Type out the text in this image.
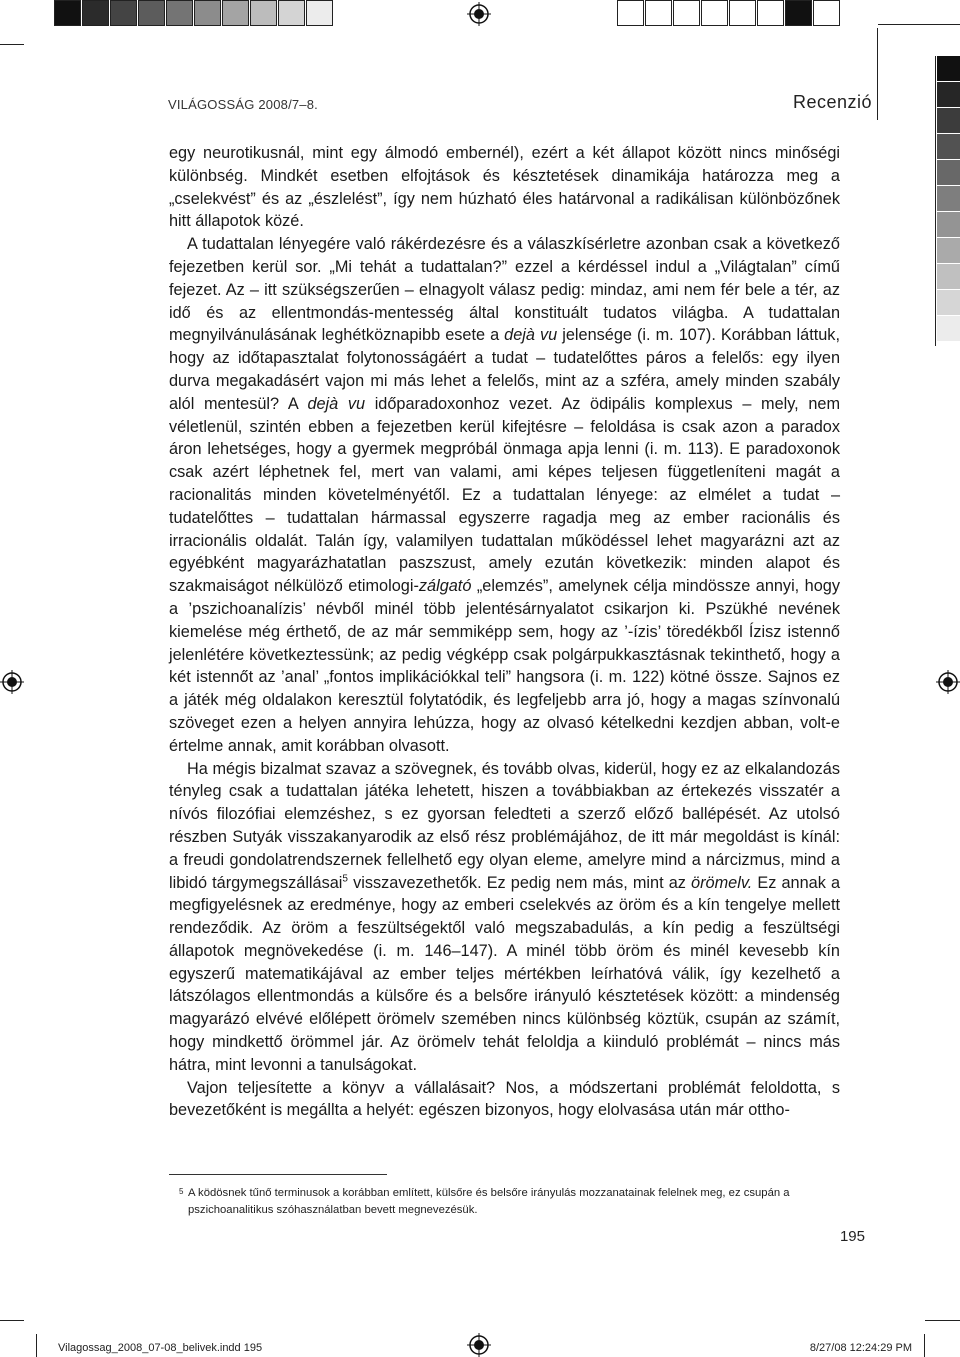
VILÁGOSSÁG 2008/7–8.	Recenzió

egy neurotikusnál, mint egy álmodó embernél), ezért a két állapot között nincs minőségi különbség. Mindkét esetben elfojtások és késztetések dinamikája határozza meg a „cselekvést” és az „észlelést”, így nem húzható éles határvonal a radikálisan különbözőnek hitt állapotok közé.

A tudattalan lényegére való rákérdezésre és a válaszkísérletre azonban csak a következő fejezetben kerül sor. „Mi tehát a tudattalan?” ezzel a kérdéssel indul a „Világtalan” című fejezet. Az – itt szükségszerűen – elnagyolt válasz pedig: mindaz, ami nem fér bele a tér, az idő és az ellentmondás-mentesség által konstituált tudatos világba. A tudattalan megnyilvánulásának leghétköznapibb esete a dejà vu jelensége (i. m. 107). Korábban láttuk, hogy az időtapasztalat folytonosságáért a tudat – tudatelőttes páros a felelős: egy ilyen durva megakadásért vajon mi más lehet a felelős, mint az a szféra, amely minden szabály alól mentesül? A dejà vu időparadoxonhoz vezet. Az ödipális komplexus – mely, nem véletlenül, szintén ebben a fejezetben kerül kifejtésre – feloldása is csak azon a paradox áron lehetséges, hogy a gyermek megpróbál önmaga apja lenni (i. m. 113). E paradoxonok csak azért léphetnek fel, mert van valami, ami képes teljesen függetleníteni magát a racionalitás minden követelményétől. Ez a tudattalan lényege: az elmélet a tudat – tudatelőttes – tudattalan hármassal egyszerre ragadja meg az ember racionális és irracionális oldalát. Talán így, valamilyen tudattalan működéssel lehet magyarázni azt az egyébként magyarázhatatlan paszszust, amely ezután következik: minden alapot és szakmaiságot nélkülöző etimologi-zálgató „elemzés”, amelynek célja mindössze annyi, hogy a ’pszichoanalízis’ névből minél több jelentésárnyalatot csikarjon ki. Pszükhé nevének kiemelése még érthető, de az már semmiképp sem, hogy az ’-ízis’ töredékből Ízisz istennő jelenlétére következtessünk; az pedig végképp csak polgárpukkasztásnak tekinthető, hogy a két istennőt az ’anal’ „fontos implikációkkal teli” hangsora (i. m. 122) kötné össze. Sajnos ez a játék még oldalakon keresztül folytatódik, és legfeljebb arra jó, hogy a magas színvonalú szöveget ezen a helyen annyira lehúzza, hogy az olvasó kételkedni kezdjen abban, volt-e értelme annak, amit korábban olvasott.

Ha mégis bizalmat szavaz a szövegnek, és tovább olvas, kiderül, hogy ez az elkalandozás tényleg csak a tudattalan játéka lehetett, hiszen a továbbiakban az értekezés visszatér a nívós filozófiai elemzéshez, s ez gyorsan feledteti a szerző előző ballépését. Az utolsó részben Sutyák visszakanyarodik az első rész problémájához, de itt már megoldást is kínál: a freudi gondolatrendszernek fellelhető egy olyan eleme, amelyre mind a nárcizmus, mind a libidó tárgymegszállásai$^5$ visszavezethetők. Ez pedig nem más, mint az örömelv. Ez annak a megfigyelésnek az eredménye, hogy az emberi cselekvés az öröm és a kín tengelye mellett rendeződik. Az öröm a feszültségektől való megszabadulás, a kín pedig a feszültségi állapotok megnövekedése (i. m. 146–147). A minél több öröm és minél kevesebb kín egyszerű matematikájával az ember teljes mértékben leírhatóvá válik, így kezelhető a látszólagos ellentmondás a külsőre és a belsőre irányuló késztetések között: a mindenség magyarázó elvévé előlépett örömelv szemében nincs különbség köztük, csupán az számít, hogy mindkettő örömmel jár. Az örömelv tehát feloldja a kiinduló problémát – nincs más hátra, mint levonni a tanulságokat.

Vajon teljesítette a könyv a vállalásait? Nos, a módszertani problémát feloldotta, s bevezetőként is megállta a helyét: egészen bizonyos, hogy elolvasása után már ottho-

5 A ködösnek tűnő terminusok a korábban említett, külsőre és belsőre irányulás mozzanatainak felelnek meg, ez csupán a pszichoanalitikus szóhasználatban bevett megnevezésük.
195
Vilagossag_2008_07-08_belivek.indd 195	8/27/08 12:24:29 PM
